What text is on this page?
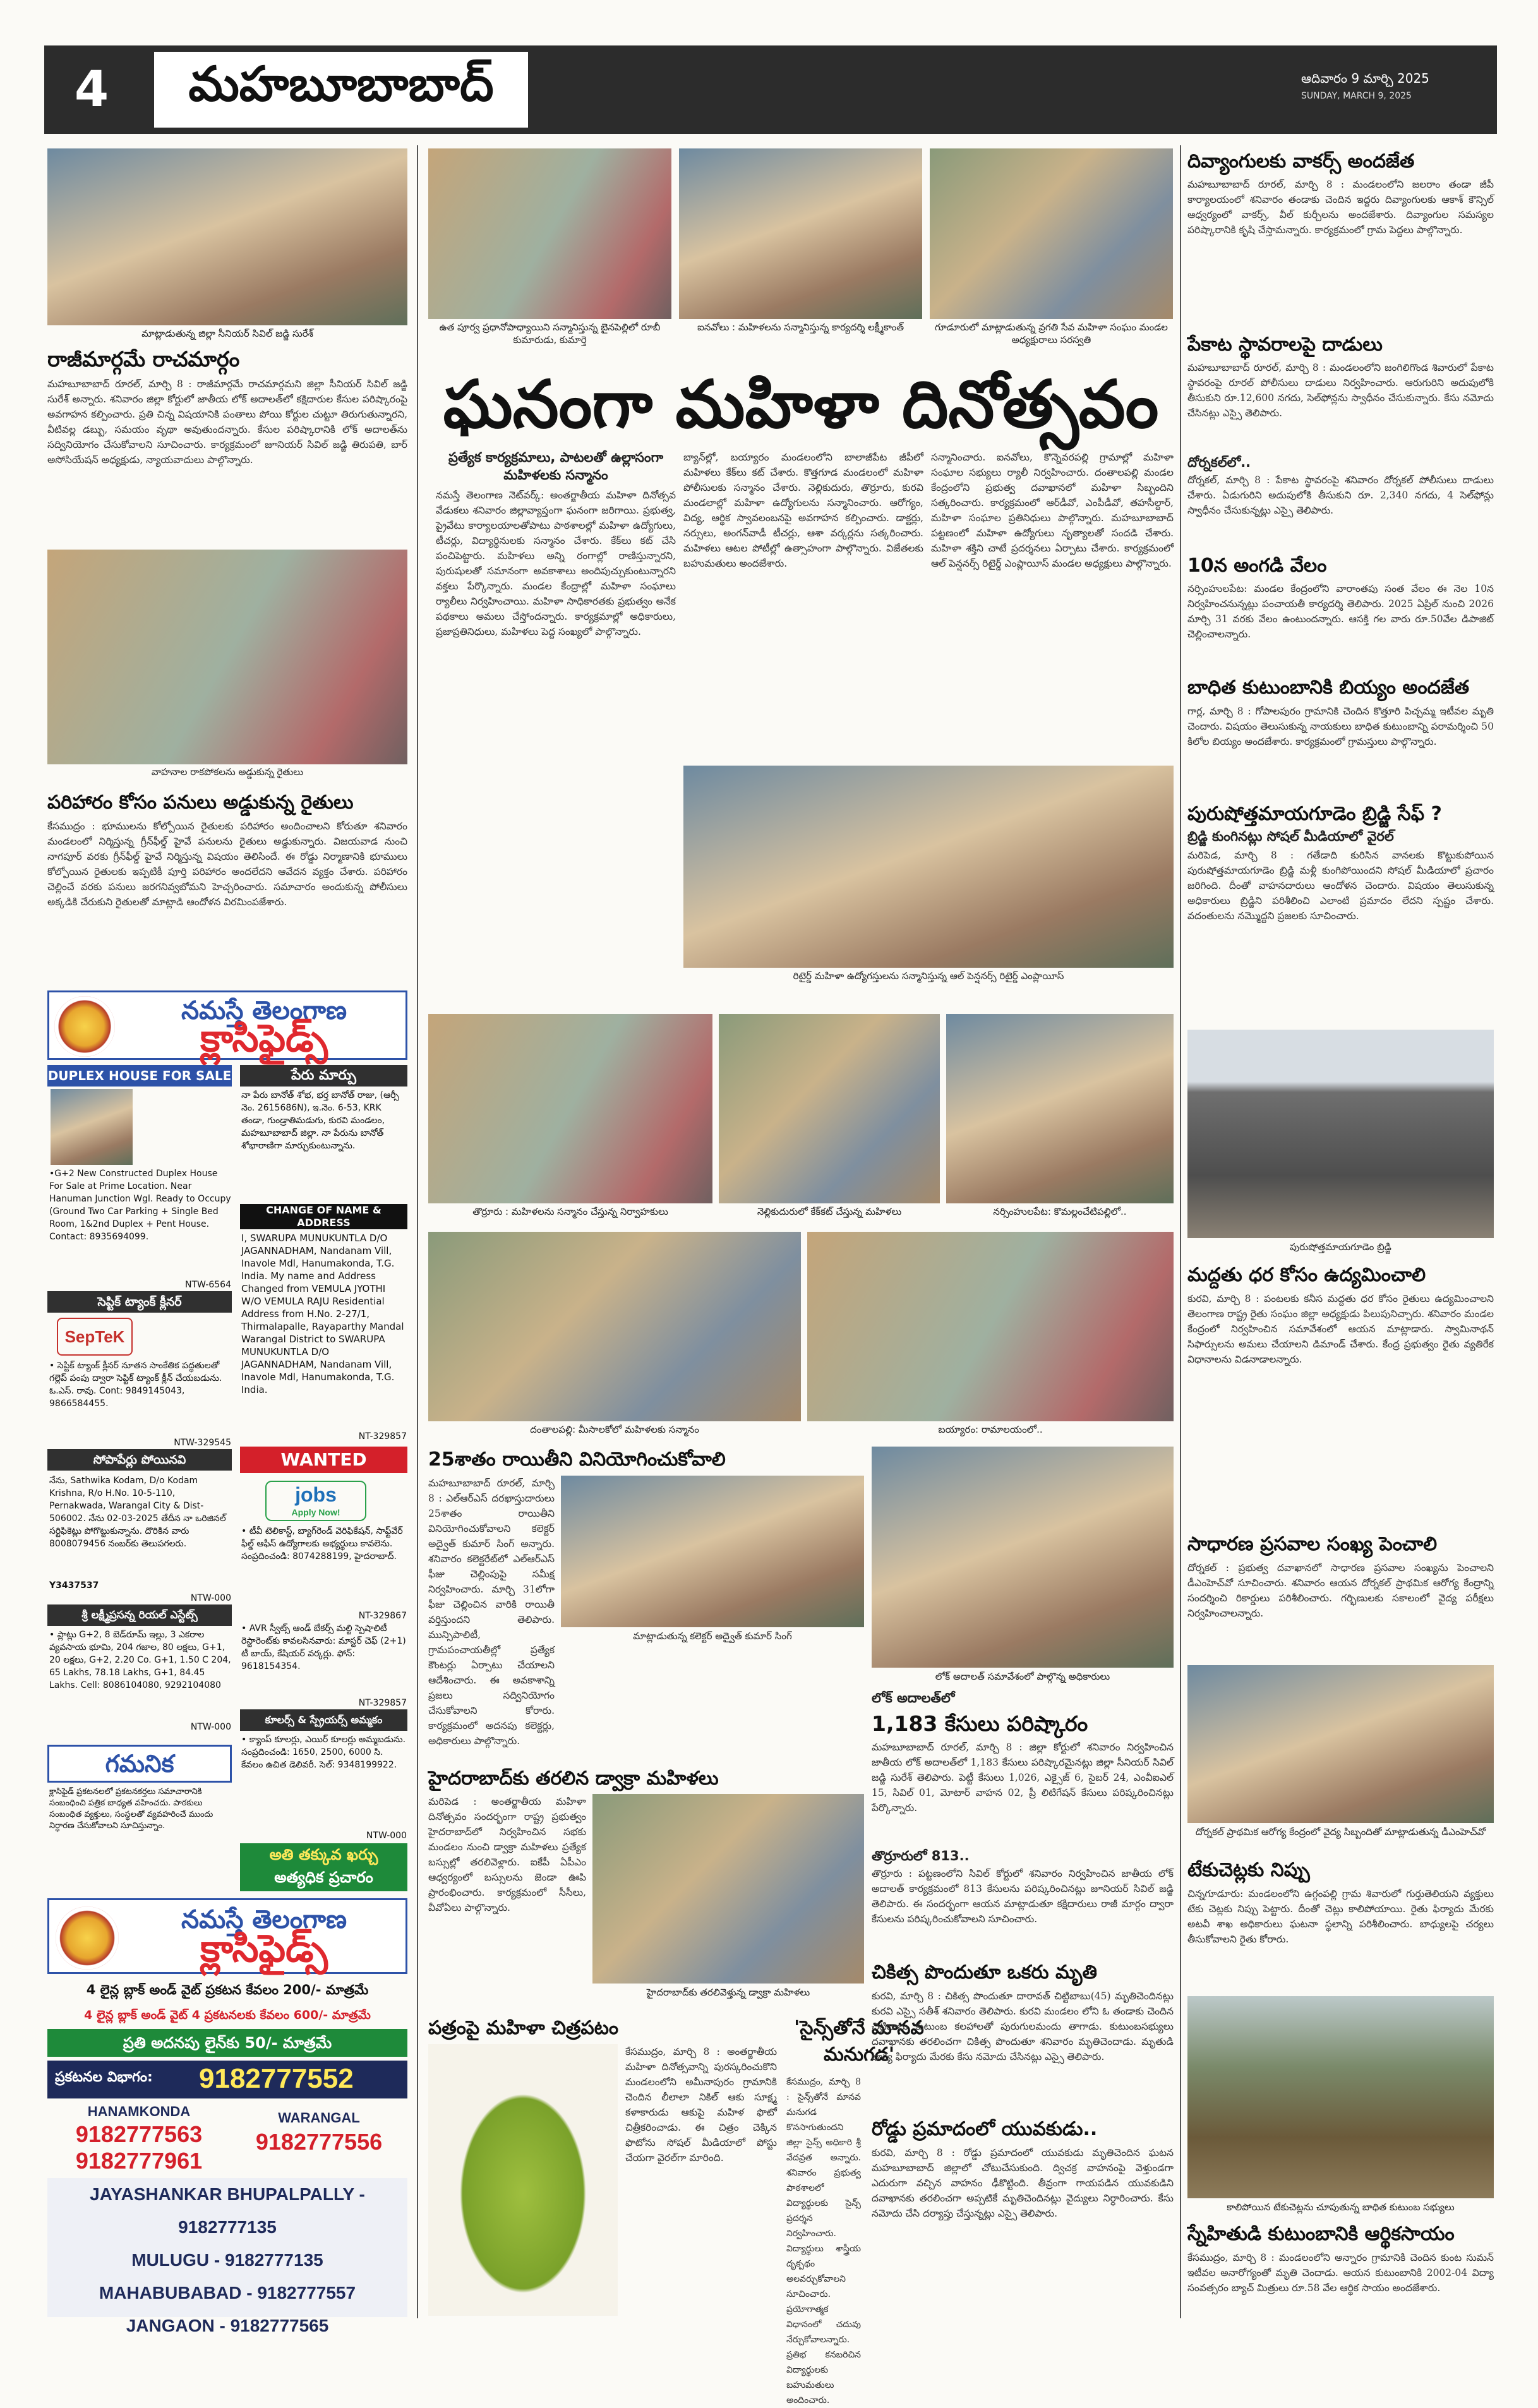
4	మహబూబాబాద్	ఆదివారం 9 మార్చి 2025
SUNDAY, MARCH 9, 2025
మాట్లాడుతున్న జిల్లా సీనియర్ సివిల్ జడ్జి సురేశ్
రాజీమార్గమే రాచమార్గం
మహబూబాబాద్ రూరల్, మార్చి 8 : రాజీమార్గమే రాచమార్గమని జిల్లా సీనియర్ సివిల్ జడ్జి సురేశ్ అన్నారు. శనివారం జిల్లా కోర్టులో జాతీయ లోక్ అదాలత్‌లో కక్షిదారుల కేసుల పరిష్కారంపై అవగాహన కల్పించారు. ప్రతి చిన్న విషయానికి పంతాలు పోయి కోర్టుల చుట్టూ తిరుగుతున్నారని, వీటివల్ల డబ్బు, సమయం వృథా అవుతుందన్నారు. కేసుల పరిష్కారానికి లోక్ అదాలత్‌ను సద్వినియోగం చేసుకోవాలని సూచించారు. కార్యక్రమంలో జూనియర్ సివిల్ జడ్జి తిరుపతి, బార్ అసోసియేషన్ అధ్యక్షుడు, న్యాయవాదులు పాల్గొన్నారు.
వాహనాల రాకపోకలను అడ్డుకున్న రైతులు
పరిహారం కోసం పనులు అడ్డుకున్న రైతులు
కేసముద్రం : భూములను కోల్పోయిన రైతులకు పరిహారం అందించాలని కోరుతూ శనివారం మండలంలో నిర్మిస్తున్న గ్రీన్‌ఫీల్డ్ హైవే పనులను రైతులు అడ్డుకున్నారు. విజయవాడ నుంచి నాగపూర్ వరకు గ్రీన్‌ఫీల్డ్ హైవే నిర్మిస్తున్న విషయం తెలిసిందే. ఈ రోడ్డు నిర్మాణానికి భూములు కోల్పోయిన రైతులకు ఇప్పటికీ పూర్తి పరిహారం అందలేదని ఆవేదన వ్యక్తం చేశారు. పరిహారం చెల్లించే వరకు పనులు జరగనివ్వబోమని హెచ్చరించారు. సమాచారం అందుకున్న పోలీసులు అక్కడికి చేరుకుని రైతులతో మాట్లాడి ఆందోళన విరమింపజేశారు.
నమస్తే తెలంగాణ
క్లాసిఫైడ్స్
DUPLEX HOUSE FOR SALE
•G+2 New Constructed Duplex House For Sale at Prime Location. Near Hanuman Junction Wgl. Ready to Occupy (Ground Two Car Parking + Single Bed Room, 1&2nd Duplex + Pent House. Contact: 8935694099.
NTW-6564
సెప్టిక్ ట్యాంక్ క్లీనర్
SepTeK
• సెప్టిక్ ట్యాంక్ క్లీనర్ నూతన సాంకేతిక పద్ధతులతో గల్లెప్ పంపు ద్వారా సెప్టిక్ ట్యాంక్ క్లీన్ చేయబడును. ఓ.ఎస్. రావు. Cont: 9849145043, 9866584455.
NTW-329545
సోపాపేర్లు పోయినవి
నేను, Sathwika Kodam, D/o Kodam Krishna, R/o H.No. 10-5-110, Pernakwada, Warangal City & Dist-506002. నేను 02-03-2025 తేదీన నా ఒరిజినల్ సర్టిఫికెట్లు పోగొట్టుకున్నాను. దొరికిన వారు 8008079456 నంబర్‌కు తెలుపగలరు.
Y3437537
NTW-000
శ్రీ లక్ష్మీప్రసన్న రియల్ ఎస్టేట్స్
• ప్లాట్లు G+2, 8 బెడ్‌రూమ్ ఇల్లు, 3 ఎకరాల వ్యవసాయ భూమి, 204 గజాల, 80 లక్షలు, G+1, 20 లక్షలు, G+2, 2.20 Co. G+1, 1.50 C 204, 65 Lakhs, 78.18 Lakhs, G+1, 84.45 Lakhs. Cell: 8086104080, 9292104080
NTW-000
పేరు మార్పు
నా పేరు బానోత్ శోభ, భర్త బానోత్ రాజు, (ఆర్సీ నెం. 2615686N), ఇ.నెం. 6-53, KRK తండా, గుండ్రాతిమడుగు, కురవి మండలం, మహబూబాబాద్ జిల్లా. నా పేరును బానోత్ శోభారాణిగా మార్చుకుంటున్నాను.
CHANGE OF NAME & ADDRESS
I, SWARUPA MUNUKUNTLA D/O JAGANNADHAM, Nandanam Vill, Inavole Mdl, Hanumakonda, T.G. India. My name and Address Changed from VEMULA JYOTHI W/O VEMULA RAJU Residential Address from H.No. 2-27/1, Thirmalapalle, Rayaparthy Mandal Warangal District to SWARUPA MUNUKUNTLA D/O JAGANNADHAM, Nandanam Vill, Inavole Mdl, Hanumakonda, T.G. India.
NT-329857
WANTED
jobs
Apply Now!
• టీవీ టెలికాస్ట్, బ్యాగ్‌రెండ్ వెరిఫికేషన్, సాఫ్ట్‌వేర్ ఫీల్డ్ ఆఫీస్ ఉద్యోగాలకు అభ్యర్థులు కావలెను. సంప్రదించండి: 8074288199, హైదరాబాద్.
NT-329867
• AVR స్వీట్స్ ఆండ్ బేకర్స్ మల్టి స్పెషాలిటీ రెస్టారెంట్‌కు కావలసినవారు: మాస్టర్ చెఫ్ (2+1) టీ బాయ్, కేషియర్ వర్కర్లు. ఫోన్: 9618154354.
NT-329857
కూలర్స్ & స్ప్రేయర్స్ అమ్మకం
• క్యాంప్ కూలర్లు, ఎయిర్ కూలర్లు అమ్మబడును. సంప్రదించండి: 1650, 2500, 6000 సి. కేవలం ఉచిత డెలివరీ. సెల్: 9348199922.
NTW-000
గమనిక
క్లాసిఫైడ్ ప్రకటనలలో ప్రకటనకర్తలు సమాచారానికి సంబంధించి పత్రిక బాధ్యత వహించదు. పాఠకులు సంబంధిత వ్యక్తులు, సంస్థలతో వ్యవహరించే ముందు నిర్ధారణ చేసుకోవాలని సూచిస్తున్నాం.
అతి తక్కువ ఖర్చు
అత్యధిక ప్రచారం
నమస్తే తెలంగాణ
క్లాసిఫైడ్స్
4 లైన్ల బ్లాక్ అండ్ వైట్ ప్రకటన కేవలం 200/- మాత్రమే
4 లైన్ల బ్లాక్ అండ్ వైట్ 4 ప్రకటనలకు కేవలం 600/- మాత్రమే
ప్రతి అదనపు లైన్‌కు 50/- మాత్రమే
ప్రకటనల విభాగం: 9182777552
HANAMKONDA
9182777563
9182777961
WARANGAL
9182777556
JAYASHANKAR BHUPALPALLY - 9182777135
MULUGU - 9182777135
MAHABUBABAD - 9182777557
JANGAON - 9182777565
ఉత పూర్వ ప్రధానోపాధ్యాయిని సన్మానిస్తున్న బైనపెల్లిలో రూబీ కుమారుడు, కుమార్తె
ఐనవోలు : మహిళలను సన్మానిస్తున్న కార్యదర్శి లక్ష్మీకాంత్	గూడూరులో మాట్లాడుతున్న వ్రగతి సేవ మహిళా సంఘం మండల అధ్యక్షురాలు సరస్వతి
ఘనంగా మహిళా దినోత్సవం
ప్రత్యేక కార్యక్రమాలు, పాటలతో ఉల్లాసంగా మహిళలకు సన్మానం
నమస్తే తెలంగాణ నెట్‌వర్క్: అంతర్జాతీయ మహిళా దినోత్సవ వేడుకలు శనివారం జిల్లావ్యాప్తంగా ఘనంగా జరిగాయి. ప్రభుత్వ, ప్రైవేటు కార్యాలయాలతోపాటు పాఠశాలల్లో మహిళా ఉద్యోగులు, టీచర్లు, విద్యార్థినులకు సన్మానం చేశారు. కేక్‌లు కట్ చేసి పంచిపెట్టారు. మహిళలు అన్ని రంగాల్లో రాణిస్తున్నారని, పురుషులతో సమానంగా అవకాశాలు అందిపుచ్చుకుంటున్నారని వక్తలు పేర్కొన్నారు. మండల కేంద్రాల్లో మహిళా సంఘాలు ర్యాలీలు నిర్వహించాయి. మహిళా సాధికారతకు ప్రభుత్వం అనేక పథకాలు అమలు చేస్తోందన్నారు. కార్యక్రమాల్లో అధికారులు, ప్రజాప్రతినిధులు, మహిళలు పెద్ద సంఖ్యలో పాల్గొన్నారు.
బ్యాన్‌ల్లో, బయ్యారం మండలంలోని బాలాజీపేట జీపీలో మహిళలు కేక్‌లు కట్ చేశారు. కొత్తగూడ మండలంలో మహిళా పోలీసులకు సన్మానం చేశారు. నెల్లికుదురు, తొర్రూరు, కురవి మండలాల్లో మహిళా ఉద్యోగులను సన్మానించారు. ఆరోగ్యం, విద్య, ఆర్థిక స్వావలంబనపై అవగాహన కల్పించారు. డాక్టర్లు, నర్సులు, అంగన్‌వాడీ టీచర్లు, ఆశా వర్కర్లను సత్కరించారు. మహిళలు ఆటల పోటీల్లో ఉత్సాహంగా పాల్గొన్నారు. విజేతలకు బహుమతులు అందజేశారు.
సన్మానించారు. ఐనవోలు, కొన్నెవరపల్లి గ్రామాల్లో మహిళా సంఘాల సభ్యులు ర్యాలీ నిర్వహించారు. దంతాలపల్లి మండల కేంద్రంలోని ప్రభుత్వ దవాఖానలో మహిళా సిబ్బందిని సత్కరించారు. కార్యక్రమంలో ఆర్‌డీవో, ఎంపీడీవో, తహసీల్దార్, మహిళా సంఘాల ప్రతినిధులు పాల్గొన్నారు. మహబూబాబాద్ పట్టణంలో మహిళా ఉద్యోగులు నృత్యాలతో సందడి చేశారు. మహిళా శక్తిని చాటే ప్రదర్శనలు ఏర్పాటు చేశారు. కార్యక్రమంలో ఆల్ పెన్షనర్స్ రిటైర్డ్ ఎంప్లాయీస్ మండల అధ్యక్షులు పాల్గొన్నారు.
రిటైర్డ్ మహిళా ఉద్యోగస్తులను సన్మానిస్తున్న ఆల్ పెన్షనర్స్ రిటైర్డ్ ఎంప్లాయీస్
తొర్రూరు : మహిళలను సన్మానం చేస్తున్న నిర్వాహకులు	నెల్లికుదురులో కేక్‌కట్ చేస్తున్న మహిళలు	నర్సింహులపేట: కొమల్లంచేటిపల్లిలో..
దంతాలపల్లి: మీసాలకోలో మహిళలకు సన్మానం	బయ్యారం: రామాలయంలో..
25శాతం రాయితీని వినియోగించుకోవాలి
మహబూబాబాద్ రూరల్, మార్చి 8 : ఎల్ఆర్ఎస్ దరఖాస్తుదారులు 25శాతం రాయితీని వినియోగించుకోవాలని కలెక్టర్ అద్వైత్ కుమార్ సింగ్ అన్నారు. శనివారం కలెక్టరేట్‌లో ఎల్ఆర్ఎస్ ఫీజు చెల్లింపుపై సమీక్ష నిర్వహించారు. మార్చి 31లోగా ఫీజు చెల్లించిన వారికి రాయితీ వర్తిస్తుందని తెలిపారు. మున్సిపాలిటీ, గ్రామపంచాయతీల్లో ప్రత్యేక కౌంటర్లు ఏర్పాటు చేయాలని ఆదేశించారు. ఈ అవకాశాన్ని ప్రజలు సద్వినియోగం చేసుకోవాలని కోరారు. కార్యక్రమంలో అదనపు కలెక్టర్లు, అధికారులు పాల్గొన్నారు.
మాట్లాడుతున్న కలెక్టర్ అద్వైత్ కుమార్ సింగ్
హైదరాబాద్‌కు తరలిన డ్వాక్రా మహిళలు
మరిపెడ : అంతర్జాతీయ మహిళా దినోత్సవం సందర్భంగా రాష్ట్ర ప్రభుత్వం హైదరాబాద్‌లో నిర్వహించిన సభకు మండలం నుంచి డ్వాక్రా మహిళలు ప్రత్యేక బస్సుల్లో తరలివెళ్లారు. ఐకేపీ ఏపీఎం ఆధ్వర్యంలో బస్సులను జెండా ఊపి ప్రారంభించారు. కార్యక్రమంలో సీసీలు, వీవోఏలు పాల్గొన్నారు.
హైదరాబాద్‌కు తరలివెళ్తున్న డ్వాక్రా మహిళలు
పత్రంపై మహిళా చిత్రపటం
కేసముద్రం, మార్చి 8 : అంతర్జాతీయ మహిళా దినోత్సవాన్ని పురస్కరించుకొని మండలంలోని అమీనాపురం గ్రామానికి చెందిన లీలాలా నికిల్ ఆకు సూక్ష్మ కళాకారుడు ఆకుపై మహిళ ఫొటో చిత్రీకరించాడు. ఈ చిత్రం చెక్కిన ఫొటోను సోషల్ మీడియాలో పోస్టు చేయగా వైరల్‌గా మారింది.
'సైన్స్‌తోనే మానవ మనుగడ'
కేసముద్రం, మార్చి 8 : సైన్స్‌తోనే మానవ మనుగడ కొనసాగుతుందని జిల్లా సైన్స్ అధికారి శ్రీ వేదవ్రత అన్నారు. శనివారం ప్రభుత్వ పాఠశాలలో విద్యార్థులకు సైన్స్ ప్రదర్శన నిర్వహించారు. విద్యార్థులు శాస్త్రీయ దృక్పథం అలవర్చుకోవాలని సూచించారు. ప్రయోగాత్మక విధానంలో చదువు నేర్చుకోవాలన్నారు. ప్రతిభ కనబరిచిన విద్యార్థులకు బహుమతులు అందించారు.
లోక్ అదాలత్ సమావేశంలో పాల్గొన్న అధికారులు
లోక్ అదాలత్‌లో
1,183 కేసులు పరిష్కారం
మహబూబాబాద్ రూరల్, మార్చి 8 : జిల్లా కోర్టులో శనివారం నిర్వహించిన జాతీయ లోక్ అదాలత్‌లో 1,183 కేసులు పరిష్కారమైనట్లు జిల్లా సీనియర్ సివిల్ జడ్జి సురేశ్ తెలిపారు. పెట్టీ కేసులు 1,026, ఎక్సైజ్ 6, సైబర్ 24, ఎంవీఐఎల్ 15, సివిల్ 01, మోటార్ వాహన 02, ప్రీ లిటిగేషన్ కేసులు పరిష్కరించినట్లు పేర్కొన్నారు.
తొర్రూరులో 813..
తొర్రూరు : పట్టణంలోని సివిల్ కోర్టులో శనివారం నిర్వహించిన జాతీయ లోక్ అదాలత్ కార్యక్రమంలో 813 కేసులను పరిష్కరించినట్లు జూనియర్ సివిల్ జడ్జి తెలిపారు. ఈ సందర్భంగా ఆయన మాట్లాడుతూ కక్షిదారులు రాజీ మార్గం ద్వారా కేసులను పరిష్కరించుకోవాలని సూచించారు.
చికిత్స పొందుతూ ఒకరు మృతి
కురవి, మార్చి 8 : చికిత్స పొందుతూ దారావత్ చిట్టిబాబు(45) మృతిచెందినట్లు కురవి ఎస్సై సతీశ్ శనివారం తెలిపారు. కురవి మండలం లోని ఓ తండాకు చెందిన చిట్టిబాబు కుటుంబ కలహాలతో పురుగులమందు తాగాడు. కుటుంబసభ్యులు దవాఖానకు తరలించగా చికిత్స పొందుతూ శనివారం మృతిచెందాడు. మృతుడి భార్య ఫిర్యాదు మేరకు కేసు నమోదు చేసినట్లు ఎస్సై తెలిపారు.
రోడ్డు ప్రమాదంలో యువకుడు..
కురవి, మార్చి 8 : రోడ్డు ప్రమాదంలో యువకుడు మృతిచెందిన ఘటన మహబూబాబాద్ జిల్లాలో చోటుచేసుకుంది. ద్విచక్ర వాహనంపై వెళ్తుండగా ఎదురుగా వచ్చిన వాహనం ఢీకొట్టింది. తీవ్రంగా గాయపడిన యువకుడిని దవాఖానకు తరలించగా అప్పటికే మృతిచెందినట్లు వైద్యులు నిర్ధారించారు. కేసు నమోదు చేసి దర్యాప్తు చేస్తున్నట్లు ఎస్సై తెలిపారు.
దివ్యాంగులకు వాకర్స్ అందజేత
మహబూబాబాద్ రూరల్, మార్చి 8 : మండలంలోని జలరాం తండా జీపీ కార్యాలయంలో శనివారం తండాకు చెందిన ఇద్దరు దివ్యాంగులకు ఆకాశ్ కౌన్సిల్ ఆధ్వర్యంలో వాకర్స్, వీల్ కుర్చీలను అందజేశారు. దివ్యాంగుల సమస్యల పరిష్కారానికి కృషి చేస్తామన్నారు. కార్యక్రమంలో గ్రామ పెద్దలు పాల్గొన్నారు.
పేకాట స్థావరాలపై దాడులు
మహబూబాబాద్ రూరల్, మార్చి 8 : మండలంలోని జంగిలిగొండ శివారులో పేకాట స్థావరంపై రూరల్ పోలీసులు దాడులు నిర్వహించారు. ఆరుగురిని అదుపులోకి తీసుకుని రూ.12,600 నగదు, సెల్‌ఫోన్లను స్వాధీనం చేసుకున్నారు. కేసు నమోదు చేసినట్లు ఎస్సై తెలిపారు.
దోర్నకల్‌లో..
దోర్నకల్, మార్చి 8 : పేకాట స్థావరంపై శనివారం దోర్నకల్ పోలీసులు దాడులు చేశారు. ఏడుగురిని అదుపులోకి తీసుకుని రూ. 2,340 నగదు, 4 సెల్‌ఫోన్లు స్వాధీనం చేసుకున్నట్లు ఎస్సై తెలిపారు.
10న అంగడి వేలం
నర్సింహులపేట: మండల కేంద్రంలోని వారాంతపు సంత వేలం ఈ నెల 10న నిర్వహించనున్నట్లు పంచాయతీ కార్యదర్శి తెలిపారు. 2025 ఏప్రిల్ నుంచి 2026 మార్చి 31 వరకు వేలం ఉంటుందన్నారు. ఆసక్తి గల వారు రూ.50వేల డిపాజిట్ చెల్లించాలన్నారు.
బాధిత కుటుంబానికి బియ్యం అందజేత
గార్ల, మార్చి 8 : గోపాలపురం గ్రామానికి చెందిన కొత్తూరి పిచ్చమ్మ ఇటీవల మృతి చెందారు. విషయం తెలుసుకున్న నాయకులు బాధిత కుటుంబాన్ని పరామర్శించి 50 కిలోల బియ్యం అందజేశారు. కార్యక్రమంలో గ్రామస్తులు పాల్గొన్నారు.
పురుషోత్తమాయగూడెం బ్రిడ్జి సేఫ్ ?
బ్రిడ్జి కుంగినట్లు సోషల్ మీడియాలో వైరల్
మరిపెడ, మార్చి 8 : గతేడాది కురిసిన వానలకు కొట్టుకుపోయిన పురుషోత్తమాయగూడెం బ్రిడ్జి మళ్లీ కుంగిపోయిందని సోషల్ మీడియాలో ప్రచారం జరిగింది. దీంతో వాహనదారులు ఆందోళన చెందారు. విషయం తెలుసుకున్న అధికారులు బ్రిడ్జిని పరిశీలించి ఎలాంటి ప్రమాదం లేదని స్పష్టం చేశారు. వదంతులను నమ్మొద్దని ప్రజలకు సూచించారు.
పురుషోత్తమాయగూడెం బ్రిడ్జి
మద్దతు ధర కోసం ఉద్యమించాలి
కురవి, మార్చి 8 : పంటలకు కనీస మద్దతు ధర కోసం రైతులు ఉద్యమించాలని తెలంగాణ రాష్ట్ర రైతు సంఘం జిల్లా అధ్యక్షుడు పిలుపునిచ్చారు. శనివారం మండల కేంద్రంలో నిర్వహించిన సమావేశంలో ఆయన మాట్లాడారు. స్వామినాథన్ సిఫార్సులను అమలు చేయాలని డిమాండ్ చేశారు. కేంద్ర ప్రభుత్వం రైతు వ్యతిరేక విధానాలను విడనాడాలన్నారు.
సాధారణ ప్రసవాల సంఖ్య పెంచాలి
దోర్నకల్ : ప్రభుత్వ దవాఖానలో సాధారణ ప్రసవాల సంఖ్యను పెంచాలని డీఎంహెచ్‌వో సూచించారు. శనివారం ఆయన దోర్నకల్ ప్రాథమిక ఆరోగ్య కేంద్రాన్ని సందర్శించి రికార్డులు పరిశీలించారు. గర్భిణులకు సకాలంలో వైద్య పరీక్షలు నిర్వహించాలన్నారు.
దోర్నకల్ ప్రాథమిక ఆరోగ్య కేంద్రంలో వైద్య సిబ్బందితో మాట్లాడుతున్న డీఎంహెచ్‌వో
టేకుచెట్లకు నిప్పు
చిన్నగూడూరు: మండలంలోని ఉగ్గంపల్లి గ్రామ శివారులో గుర్తుతెలియని వ్యక్తులు టేకు చెట్లకు నిప్పు పెట్టారు. దీంతో చెట్లు కాలిపోయాయి. రైతు ఫిర్యాదు మేరకు అటవీ శాఖ అధికారులు ఘటనా స్థలాన్ని పరిశీలించారు. బాధ్యులపై చర్యలు తీసుకోవాలని రైతు కోరారు.
కాలిపోయిన టేకుచెట్లను చూపుతున్న బాధిత కుటుంబ సభ్యులు
స్నేహితుడి కుటుంబానికి ఆర్థికసాయం
కేసముద్రం, మార్చి 8 : మండలంలోని అన్నారం గ్రామానికి చెందిన కుంట సుమన్ ఇటీవల అనారోగ్యంతో మృతి చెందాడు. ఆయన కుటుంబానికి 2002-04 విద్యా సంవత్సరం బ్యాచ్ మిత్రులు రూ.58 వేల ఆర్థిక సాయం అందజేశారు.
